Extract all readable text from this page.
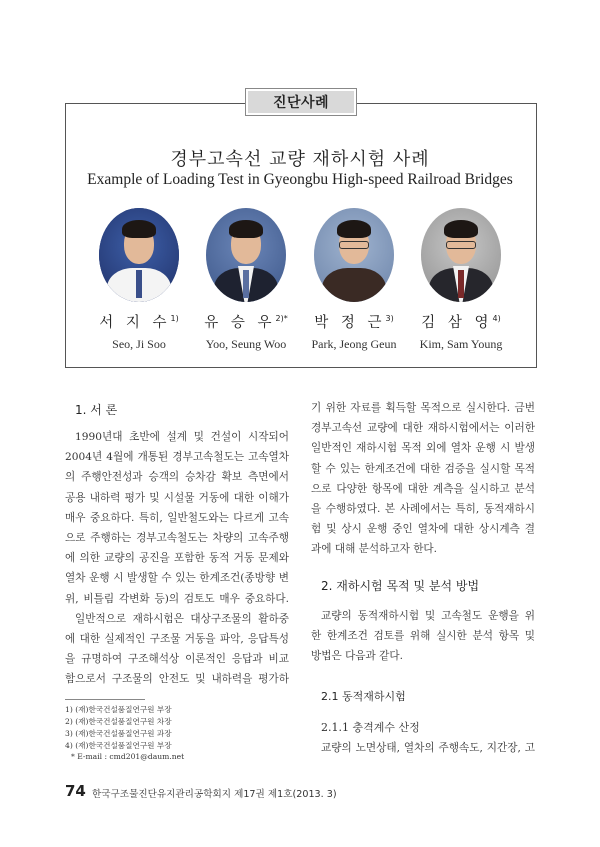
진단사례
경부고속선 교량 재하시험 사례
Example of Loading Test in Gyeongbu High-speed Railroad Bridges
서 지 수$^{1)}$
Seo, Ji Soo
유 승 우$^{2)*}$
Yoo, Seung Woo
박 정 근$^{3)}$
Park, Jeong Geun
김 삼 영$^{4)}$
Kim, Sam Young
1. 서 론
1990년대 초반에 설계 및 건설이 시작되어
2004년 4월에 개통된 경부고속철도는 고속열차
의 주행안전성과 승객의 승차감 확보 측면에서
공용 내하력 평가 및 시설물 거동에 대한 이해가
매우 중요하다. 특히, 일반철도와는 다르게 고속
으로 주행하는 경부고속철도는 차량의 고속주행
에 의한 교량의 공진을 포함한 동적 거동 문제와
열차 운행 시 발생할 수 있는 한계조건(종방향 변
위, 비틀림 각변화 등)의 검토도 매우 중요하다.
일반적으로 재하시험은 대상구조물의 활하중
에 대한 실제적인 구조물 거동을 파악, 응답특성
을 규명하여 구조해석상 이론적인 응답과 비교
함으로서 구조물의 안전도 및 내하력을 평가하
1) (재)한국건설품질연구원 부장
2) (재)한국건설품질연구원 차장
3) (재)한국건설품질연구원 과장
4) (재)한국건설품질연구원 부장
* E-mail : cmd201@daum.net
기 위한 자료를 획득할 목적으로 실시한다. 금번
경부고속선 교량에 대한 재하시험에서는 이러한
일반적인 재하시험 목적 외에 열차 운행 시 발생
할 수 있는 한계조건에 대한 검증을 실시할 목적
으로 다양한 항목에 대한 계측을 실시하고 분석
을 수행하였다. 본 사례에서는 특히, 동적재하시
험 및 상시 운행 중인 열차에 대한 상시계측 결
과에 대해 분석하고자 한다.
2. 재하시험 목적 및 분석 방법
교량의 동적재하시험 및 고속철도 운행을 위
한 한계조건 검토를 위해 실시한 분석 항목 및
방법은 다음과 같다.
2.1 동적재하시험
2.1.1 충격계수 산정
교량의 노면상태, 열차의 주행속도, 지간장, 고
74 한국구조물진단유지관리공학회지 제17권 제1호(2013. 3)
